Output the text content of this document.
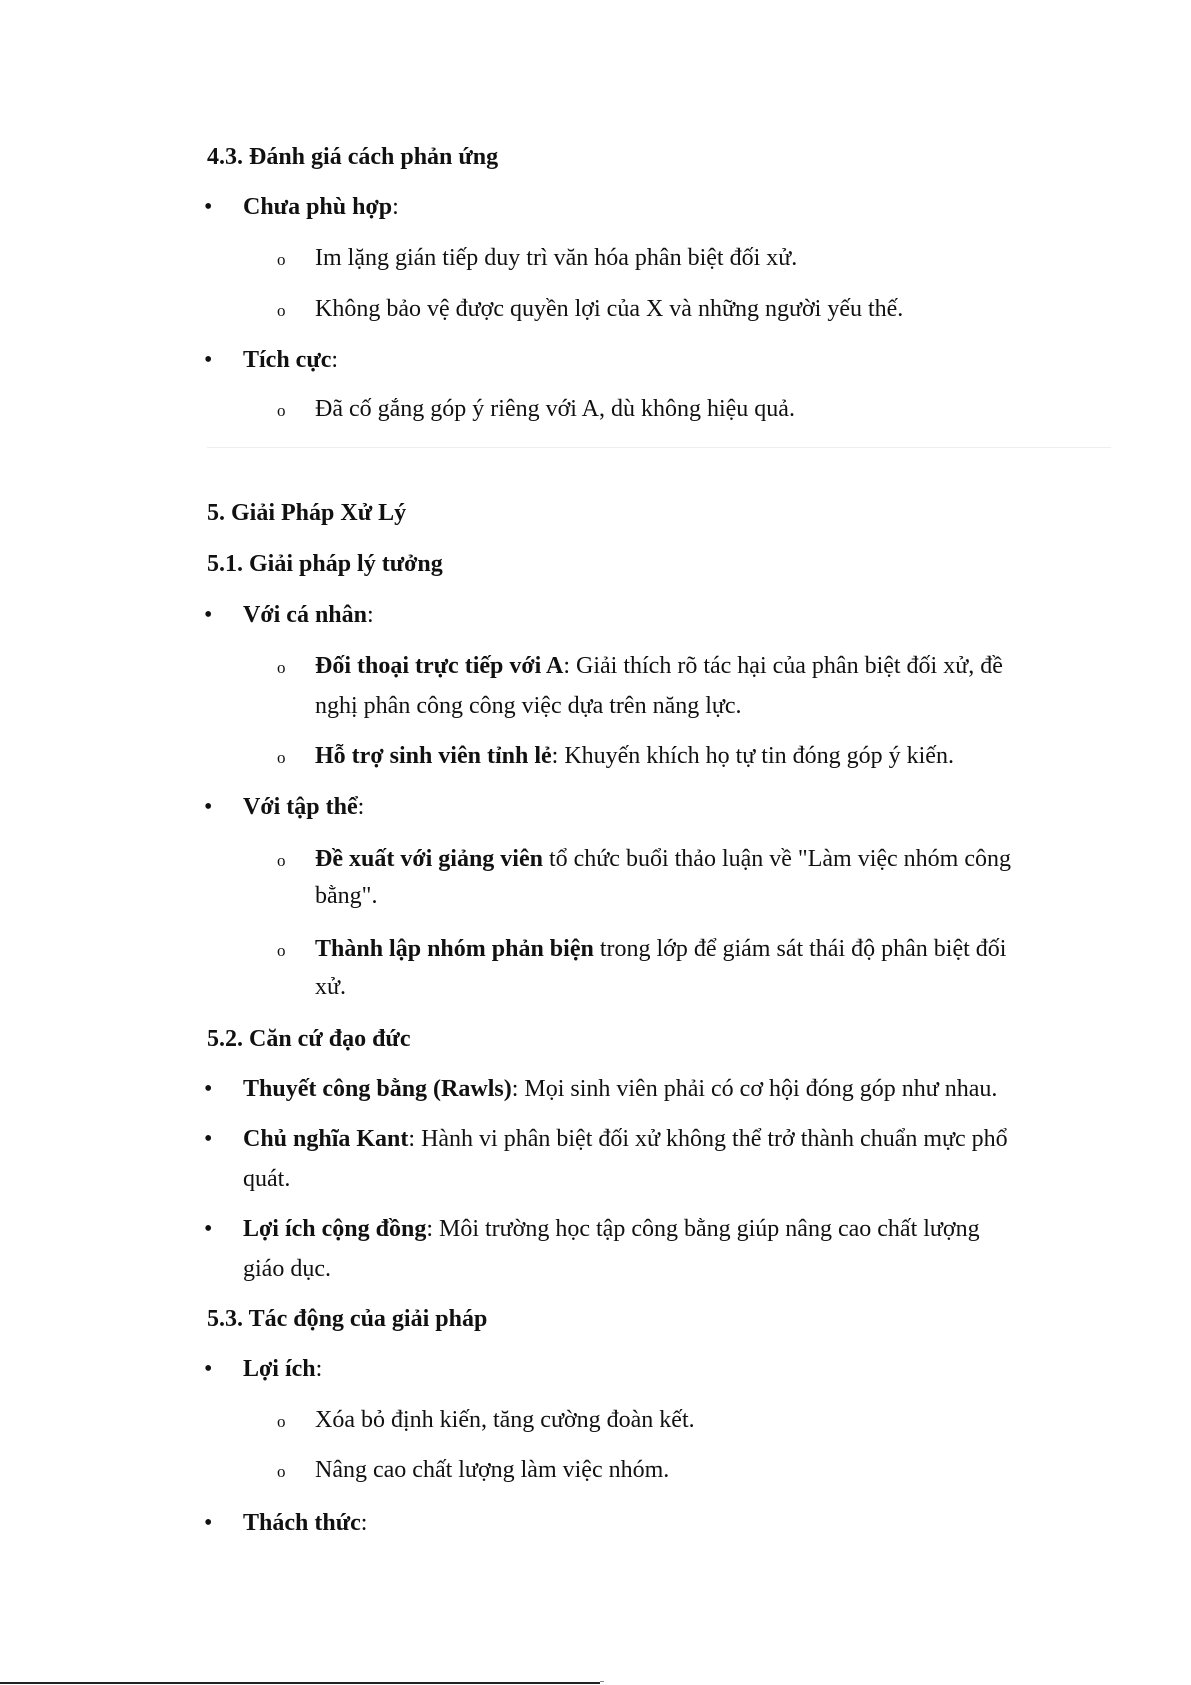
4.3. Đánh giá cách phản ứng
• Chưa phù hợp:
o Im lặng gián tiếp duy trì văn hóa phân biệt đối xử.
o Không bảo vệ được quyền lợi của X và những người yếu thế.
• Tích cực:
o Đã cố gắng góp ý riêng với A, dù không hiệu quả.
5. Giải Pháp Xử Lý
5.1. Giải pháp lý tưởng
• Với cá nhân:
o Đối thoại trực tiếp với A: Giải thích rõ tác hại của phân biệt đối xử, đề
nghị phân công công việc dựa trên năng lực.
o Hỗ trợ sinh viên tỉnh lẻ: Khuyến khích họ tự tin đóng góp ý kiến.
• Với tập thể:
o Đề xuất với giảng viên tổ chức buổi thảo luận về "Làm việc nhóm công
bằng".
o Thành lập nhóm phản biện trong lớp để giám sát thái độ phân biệt đối
xử.
5.2. Căn cứ đạo đức
• Thuyết công bằng (Rawls): Mọi sinh viên phải có cơ hội đóng góp như nhau.
• Chủ nghĩa Kant: Hành vi phân biệt đối xử không thể trở thành chuẩn mực phổ
quát.
• Lợi ích cộng đồng: Môi trường học tập công bằng giúp nâng cao chất lượng
giáo dục.
5.3. Tác động của giải pháp
• Lợi ích:
o Xóa bỏ định kiến, tăng cường đoàn kết.
o Nâng cao chất lượng làm việc nhóm.
• Thách thức:
